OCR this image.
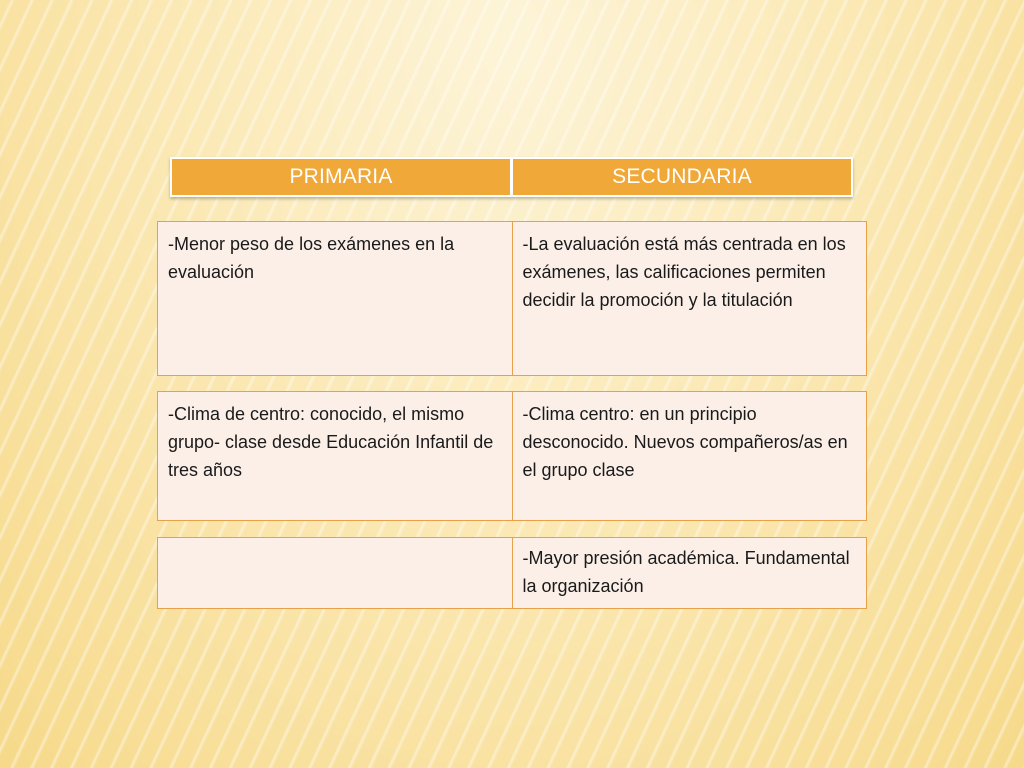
PRIMARIA	SECUNDARIA
-Menor peso de los exámenes en la evaluación
-La evaluación está más centrada en los exámenes, las calificaciones permiten decidir la promoción y la titulación
-Clima de centro: conocido, el mismo grupo- clase desde Educación Infantil de tres años
-Clima centro: en un principio desconocido. Nuevos compañeros/as en el grupo clase
-Mayor presión académica. Fundamental la organización
